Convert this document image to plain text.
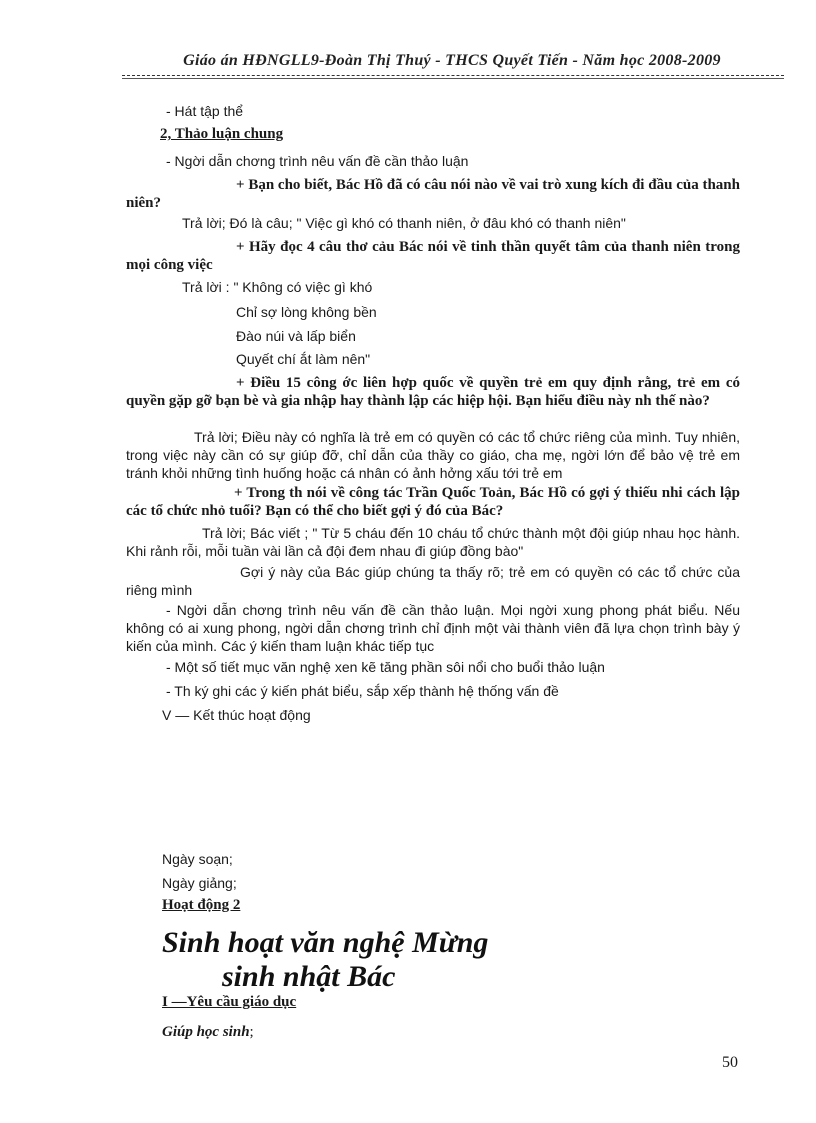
Giáo án HĐNGLL9-Đoàn Thị Thuý - THCS Quyết Tiến - Năm học 2008-2009
- Hát tập thể
2, Thảo luận chung
- Ngời dẫn chơng trình nêu vấn đề cần thảo luận
+ Bạn cho biết, Bác Hồ đã có câu nói nào về vai trò xung kích đi đầu của thanh niên?
Trả lời; Đó là câu; " Việc gì khó có thanh niên, ở đâu khó có thanh niên"
+ Hãy đọc 4 câu thơ cảu Bác nói về tinh thần quyết tâm của thanh niên trong mọi công việc
Trả lời : " Không có việc gì khó
Chỉ sợ lòng không bền
Đào núi và lấp biển
Quyết chí ắt làm nên"
+ Điều 15 công ớc liên hợp quốc về quyền trẻ em quy định rằng, trẻ em có quyền gặp gỡ bạn bè và gia nhập hay thành lập các hiệp hội. Bạn hiểu điều này nh thế nào?
Trả lời; Điều này có nghĩa là trẻ em có quyền có các tổ chức riêng của mình. Tuy nhiên, trong việc này cần có sự giúp đỡ, chỉ dẫn của thầy co giáo, cha mẹ, ngời lớn để bảo vệ trẻ em tránh khỏi những tình huống hoặc cá nhân có ảnh hởng xấu tới trẻ em
+ Trong th nói về công tác Trần Quốc Toản, Bác Hồ có gợi ý thiếu nhi cách lập các tổ chức nhỏ tuổi? Bạn có thể cho biết gợi ý đó của Bác?
Trả lời; Bác viết ; " Từ 5 cháu đến 10 cháu tổ chức thành một đội giúp nhau học hành. Khi rảnh rỗi, mỗi tuần vài lần cả đội đem nhau đi giúp đồng bào"
Gợi ý này của Bác giúp chúng ta thấy rõ; trẻ em có quyền có các tổ chức của riêng mình
- Ngời dẫn chơng trình nêu vấn đề cần thảo luận. Mọi ngời xung phong phát biểu. Nếu không có ai xung phong, ngời dẫn chơng trình chỉ định một vài thành viên đã lựa chọn trình bày ý kiến của mình. Các ý kiến tham luận khác tiếp tục
- Một số tiết mục văn nghệ xen kẽ tăng phần sôi nổi cho buổi thảo luận
- Th ký ghi các ý kiến phát biểu, sắp xếp thành hệ thống vấn đề
V — Kết thúc hoạt động
Ngày soạn;
Ngày giảng;
Hoạt động 2
Sinh hoạt văn nghệ Mừng
sinh nhật Bác
I —Yêu cầu giáo dục
Giúp học sinh;
50
